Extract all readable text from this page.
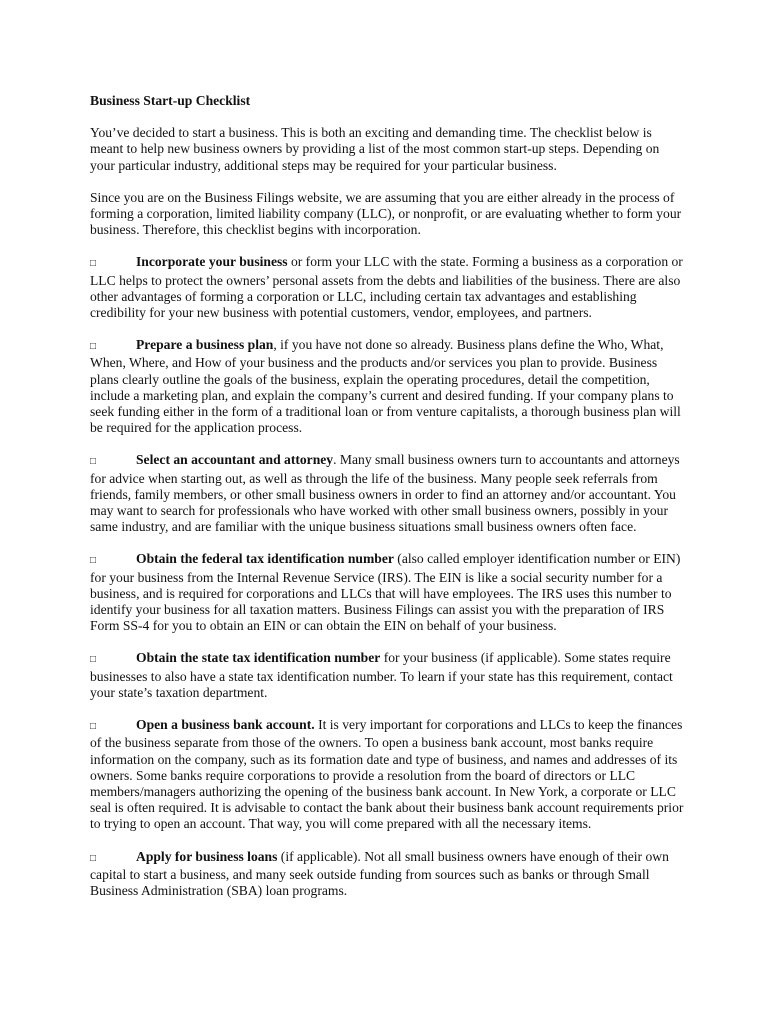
Business Start-up Checklist

You’ve decided to start a business. This is both an exciting and demanding time. The checklist below is meant to help new business owners by providing a list of the most common start-up steps. Depending on your particular industry, additional steps may be required for your particular business.

Since you are on the Business Filings website, we are assuming that you are either already in the process of forming a corporation, limited liability company (LLC), or nonprofit, or are evaluating whether to form your business. Therefore, this checklist begins with incorporation.

□	Incorporate your business or form your LLC with the state. Forming a business as a corporation or LLC helps to protect the owners’ personal assets from the debts and liabilities of the business. There are also other advantages of forming a corporation or LLC, including certain tax advantages and establishing credibility for your new business with potential customers, vendor, employees, and partners.

□	Prepare a business plan, if you have not done so already. Business plans define the Who, What, When, Where, and How of your business and the products and/or services you plan to provide. Business plans clearly outline the goals of the business, explain the operating procedures, detail the competition, include a marketing plan, and explain the company’s current and desired funding. If your company plans to seek funding either in the form of a traditional loan or from venture capitalists, a thorough business plan will be required for the application process.

□	Select an accountant and attorney. Many small business owners turn to accountants and attorneys for advice when starting out, as well as through the life of the business. Many people seek referrals from friends, family members, or other small business owners in order to find an attorney and/or accountant. You may want to search for professionals who have worked with other small business owners, possibly in your same industry, and are familiar with the unique business situations small business owners often face.

□	Obtain the federal tax identification number (also called employer identification number or EIN) for your business from the Internal Revenue Service (IRS). The EIN is like a social security number for a business, and is required for corporations and LLCs that will have employees. The IRS uses this number to identify your business for all taxation matters. Business Filings can assist you with the preparation of IRS Form SS-4 for you to obtain an EIN or can obtain the EIN on behalf of your business.

□	Obtain the state tax identification number for your business (if applicable). Some states require businesses to also have a state tax identification number. To learn if your state has this requirement, contact your state’s taxation department.

□	Open a business bank account. It is very important for corporations and LLCs to keep the finances of the business separate from those of the owners. To open a business bank account, most banks require information on the company, such as its formation date and type of business, and names and addresses of its owners. Some banks require corporations to provide a resolution from the board of directors or LLC members/managers authorizing the opening of the business bank account. In New York, a corporate or LLC seal is often required. It is advisable to contact the bank about their business bank account requirements prior to trying to open an account. That way, you will come prepared with all the necessary items.

□	Apply for business loans (if applicable). Not all small business owners have enough of their own capital to start a business, and many seek outside funding from sources such as banks or through Small Business Administration (SBA) loan programs.
